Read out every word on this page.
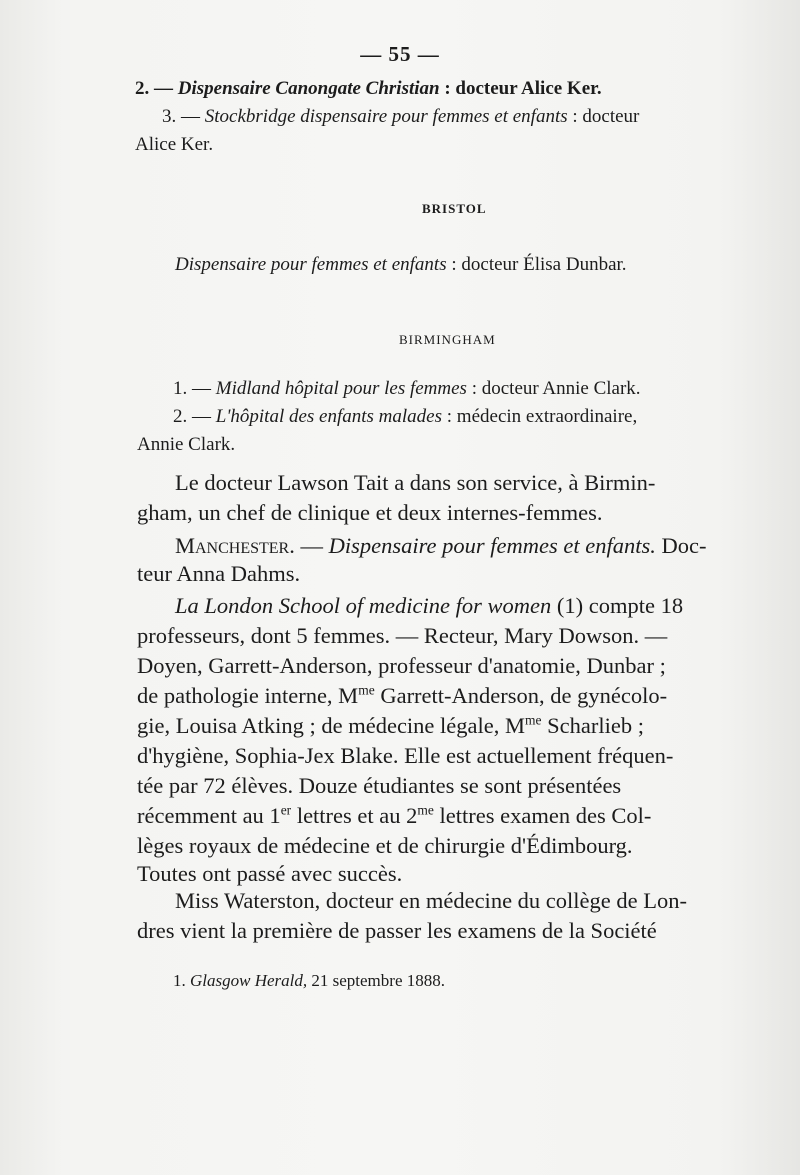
— 55 —
2. — Dispensaire Canongate Christian : docteur Alice Ker.
3. — Stockbridge dispensaire pour femmes et enfants : docteur
Alice Ker.
BRISTOL
Dispensaire pour femmes et enfants : docteur Élisa Dunbar.
BIRMINGHAM
1. — Midland hôpital pour les femmes : docteur Annie Clark.
2. — L'hôpital des enfants malades : médecin extraordinaire,
Annie Clark.
Le docteur Lawson Tait a dans son service, à Birmin-
gham, un chef de clinique et deux internes-femmes.
Manchester. — Dispensaire pour femmes et enfants. Doc-
teur Anna Dahms.
La London School of medicine for women (1) compte 18
professeurs, dont 5 femmes. — Recteur, Mary Dowson. —
Doyen, Garrett-Anderson, professeur d'anatomie, Dunbar ;
de pathologie interne, $M^{me}$ Garrett-Anderson, de gynécolo-
gie, Louisa Atking ; de médecine légale, $M^{me}$ Scharlieb ;
d'hygiène, Sophia-Jex Blake. Elle est actuellement fréquen-
tée par 72 élèves. Douze étudiantes se sont présentées
récemment au 1er lettres et au $2^{me}$ lettres examen des Col-
lèges royaux de médecine et de chirurgie d'Édimbourg.
Toutes ont passé avec succès.
Miss Waterston, docteur en médecine du collège de Lon-
dres vient la première de passer les examens de la Société
1. Glasgow Herald, 21 septembre 1888.
